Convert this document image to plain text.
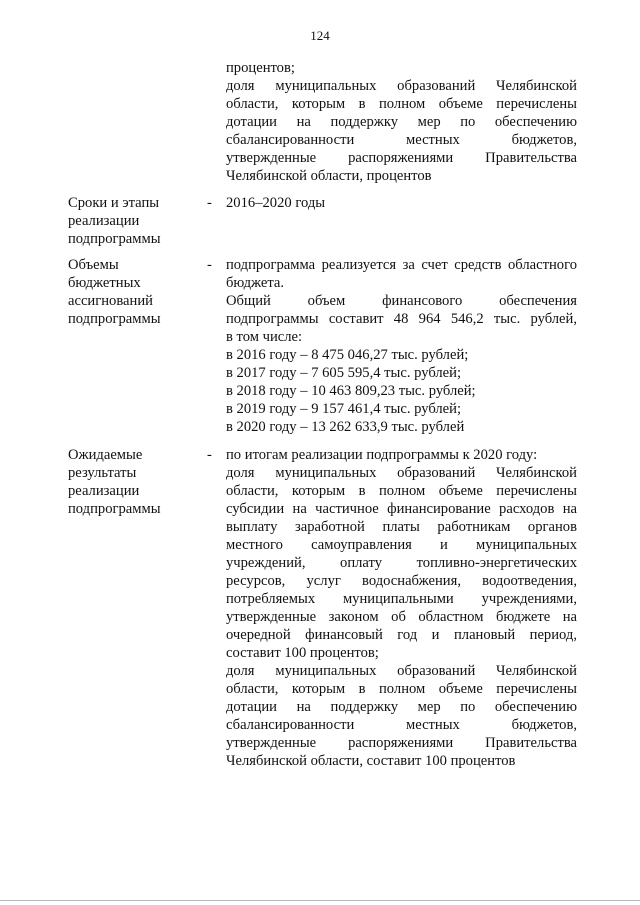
124
процентов;
доля муниципальных образований Челябинской
области, которым в полном объеме перечислены
дотации на поддержку мер по обеспечению
сбалансированности местных бюджетов,
утвержденные распоряжениями Правительства
Челябинской области, процентов
Сроки и этапы
реализации
подпрограммы
- 2016–2020 годы
Объемы
бюджетных
ассигнований
подпрограммы
- подпрограмма реализуется за счет средств областного
бюджета.
Общий объем финансового обеспечения
подпрограммы составит 48 964 546,2 тыс. рублей,
в том числе:
в 2016 году – 8 475 046,27 тыс. рублей;
в 2017 году – 7 605 595,4 тыс. рублей;
в 2018 году – 10 463 809,23 тыс. рублей;
в 2019 году – 9 157 461,4 тыс. рублей;
в 2020 году – 13 262 633,9 тыс. рублей
Ожидаемые
результаты
реализации
подпрограммы
- по итогам реализации подпрограммы к 2020 году:
доля муниципальных образований Челябинской
области, которым в полном объеме перечислены
субсидии на частичное финансирование расходов на
выплату заработной платы работникам органов
местного самоуправления и муниципальных
учреждений, оплату топливно-энергетических
ресурсов, услуг водоснабжения, водоотведения,
потребляемых муниципальными учреждениями,
утвержденные законом об областном бюджете на
очередной финансовый год и плановый период,
составит 100 процентов;
доля муниципальных образований Челябинской
области, которым в полном объеме перечислены
дотации на поддержку мер по обеспечению
сбалансированности местных бюджетов,
утвержденные распоряжениями Правительства
Челябинской области, составит 100 процентов
